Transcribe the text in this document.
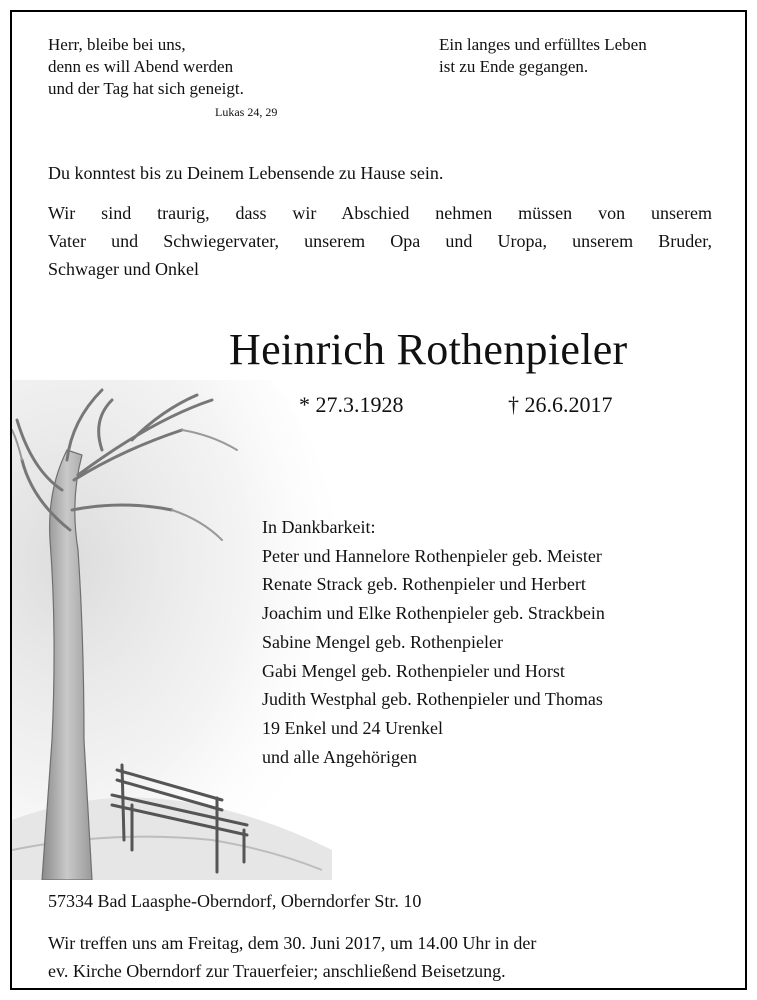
Herr, bleibe bei uns,
denn es will Abend werden
und der Tag hat sich geneigt.
Lukas 24, 29
Ein langes und erfülltes Leben
ist zu Ende gegangen.
Du konntest bis zu Deinem Lebensende zu Hause sein.
Wir sind traurig, dass wir Abschied nehmen müssen von unserem
Vater und Schwiegervater, unserem Opa und Uropa, unserem Bruder,
Schwager und Onkel
Heinrich Rothenpieler
* 27.3.1928	† 26.6.2017
In Dankbarkeit:
Peter und Hannelore Rothenpieler geb. Meister
Renate Strack geb. Rothenpieler und Herbert
Joachim und Elke Rothenpieler geb. Strackbein
Sabine Mengel geb. Rothenpieler
Gabi Mengel geb. Rothenpieler und Horst
Judith Westphal geb. Rothenpieler und Thomas
19 Enkel und 24 Urenkel
und alle Angehörigen
57334 Bad Laasphe-Oberndorf, Oberndorfer Str. 10
Wir treffen uns am Freitag, dem 30. Juni 2017, um 14.00 Uhr in der
ev. Kirche Oberndorf zur Trauerfeier; anschließend Beisetzung.
